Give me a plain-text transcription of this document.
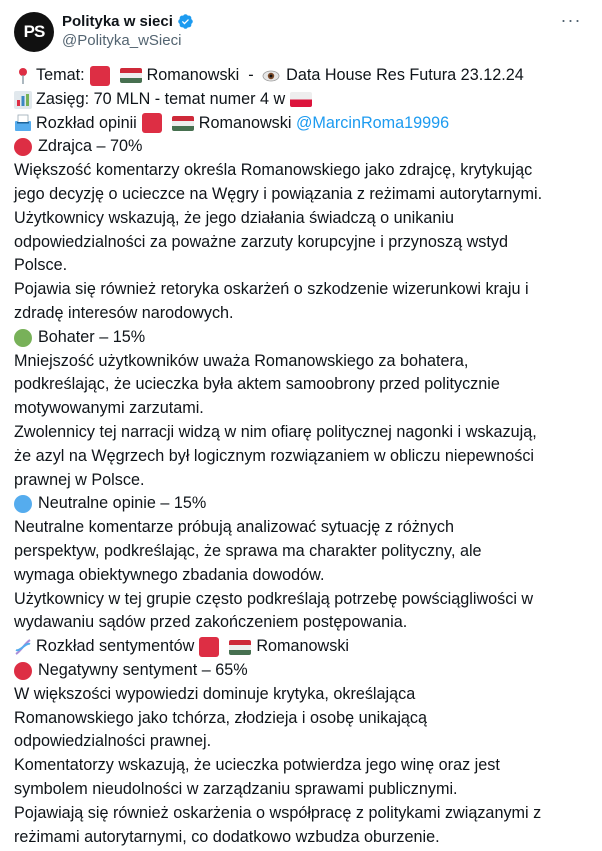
PS
Polityka w sieci
@Polityka_wSieci
···
Temat:	Romanowski
-
Data House Res Futura 23.12.24
Zasięg: 70 MLN - temat numer 4 w
Rozkład opinii	Romanowski
@MarcinRoma19996
Zdrajca – 70%
Większość komentarzy określa Romanowskiego jako zdrajcę, krytykując
jego decyzję o ucieczce na Węgry i powiązania z reżimami autorytarnymi.
Użytkownicy wskazują, że jego działania świadczą o unikaniu
odpowiedzialności za poważne zarzuty korupcyjne i przynoszą wstyd
Polsce.
Pojawia się również retoryka oskarżeń o szkodzenie wizerunkowi kraju i
zdradę interesów narodowych.
Bohater – 15%
Mniejszość użytkowników uważa Romanowskiego za bohatera,
podkreślając, że ucieczka była aktem samoobrony przed politycznie
motywowanymi zarzutami.
Zwolennicy tej narracji widzą w nim ofiarę politycznej nagonki i wskazują,
że azyl na Węgrzech był logicznym rozwiązaniem w obliczu niepewności
prawnej w Polsce.
Neutralne opinie – 15%
Neutralne komentarze próbują analizować sytuację z różnych
perspektyw, podkreślając, że sprawa ma charakter polityczny, ale
wymaga obiektywnego zbadania dowodów.
Użytkownicy w tej grupie często podkreślają potrzebę powściągliwości w
wydawaniu sądów przed zakończeniem postępowania.
Rozkład sentymentów	Romanowski
Negatywny sentyment – 65%
W większości wypowiedzi dominuje krytyka, określająca
Romanowskiego jako tchórza, złodzieja i osobę unikającą
odpowiedzialności prawnej.
Komentatorzy wskazują, że ucieczka potwierdza jego winę oraz jest
symbolem nieudolności w zarządzaniu sprawami publicznymi.
Pojawiają się również oskarżenia o współpracę z politykami związanymi z
reżimami autorytarnymi, co dodatkowo wzbudza oburzenie.
